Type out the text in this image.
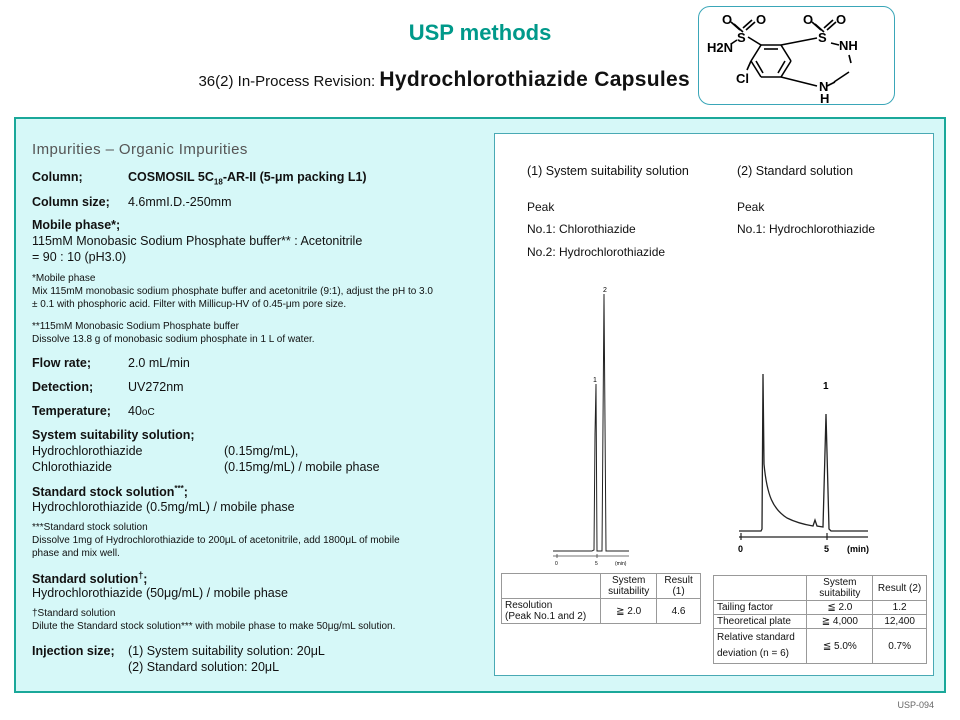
USP methods
36(2) In-Process Revision: Hydrochlorothiazide Capsules
O O	O O
S	S
NH
H2N
Cl
N
H
Impurities – Organic Impurities
Column;	COSMOSIL $5C_{18}-AR-II$ (5-μm packing L1)
Column size; 4.6mmI.D.-250mm
Mobile phase*;
115mM Monobasic Sodium Phosphate buffer** : Acetonitrile
= 90 : 10 (pH3.0)
*Mobile phase
Mix 115mM monobasic sodium phosphate buffer and acetonitrile (9:1), adjust the pH to 3.0
± 0.1 with phosphoric acid. Filter with Millicup-HV of 0.45-μm pore size.
**115mM Monobasic Sodium Phosphate buffer
Dissolve 13.8 g of monobasic sodium phosphate in 1 L of water.
Flow rate;	2.0 mL/min
Detection;	UV272nm
Temperature; 40oC
System suitability solution;
Hydrochlorothiazide	(0.15mg/mL),
Chlorothiazide	(0.15mg/mL) / mobile phase
Standard stock solution***;
Hydrochlorothiazide (0.5mg/mL) / mobile phase
***Standard stock solution
Dissolve 1mg of Hydrochlorothiazide to 200μL of acetonitrile, add 1800μL of mobile
phase and mix well.
Standard solution†;
Hydrochlorothiazide (50μg/mL) / mobile phase
†Standard solution
Dilute the Standard stock solution*** with mobile phase to make 50μg/mL solution.
Injection size; (1) System suitability solution: 20μL
(2) Standard solution: 20μL
(1) System suitability solution
Peak
No.1: Chlorothiazide
No.2: Hydrochlorothiazide
(2) Standard solution
Peak
No.1: Hydrochlorothiazide
0	5	(min)
1
2
0	5 (min)
1
	System suitability	Result (1)
Resolution
(Peak No.1 and 2)	≧ 2.0	4.6
	System suitability	Result (2)
Tailing factor	≦ 2.0	1.2
Theoretical plate	≧ 4,000	12,400
Relative standard deviation (n = 6)	≦ 5.0%	0.7%
USP-094
